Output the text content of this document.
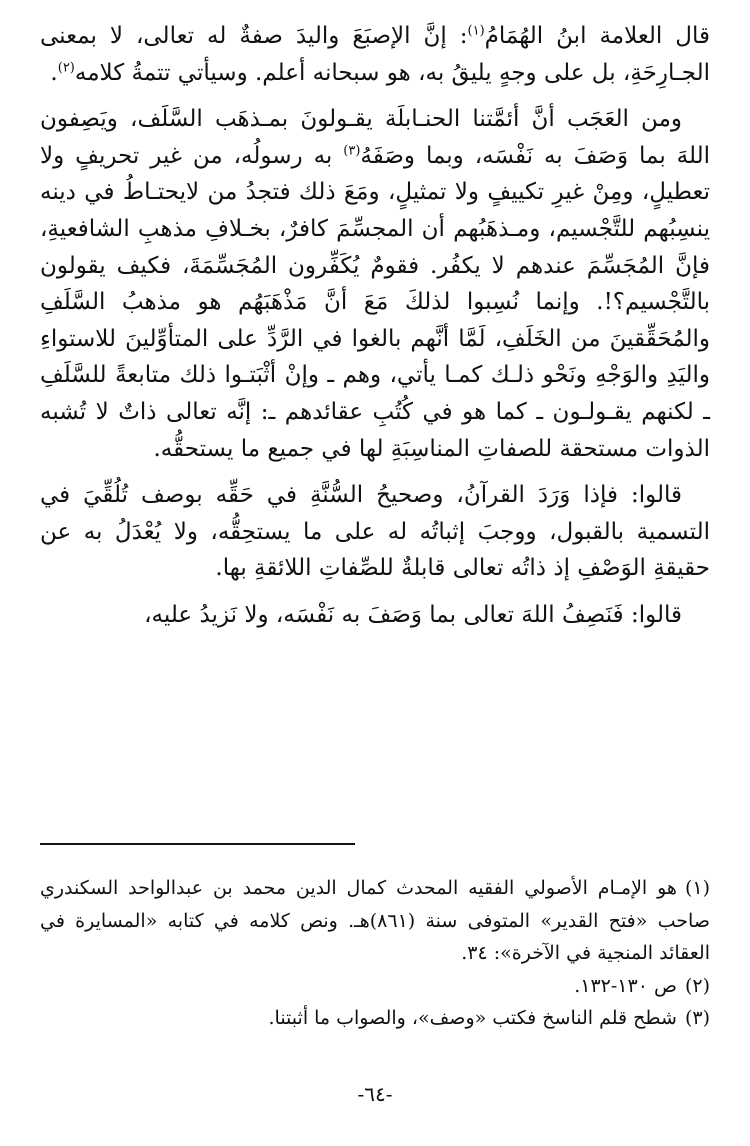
قال العلامة ابنُ الهُمَامُ$^{(١)}$: إنَّ الإصبَعَ واليدَ صفةٌ له تعالى، لا بمعنى الجـارِحَةِ، بل على وجهٍ يليقُ به، هو سبحانه أعلم. وسيأتي تتمةُ كلامه$^{(٢)}$.

ومن العَجَب أنَّ أئمَّتنا الحنـابلَة يقـولونَ بمـذهَب السَّلَف، ويَصِفون اللهَ بما وَصَفَ به نَفْسَه، وبما وصَفَهُ$^{(٣)}$ به رسولُه، من غير تحريفٍ ولا تعطيلٍ، ومِنْ غيرِ تكييفٍ ولا تمثيلٍ، ومَعَ ذلك فتجدُ من لايحتـاطُ في دينه ينسِبُهم للتَّجْسيم، ومـذهَبُهم أن المجسِّمَ كافرٌ، بخـلافِ مذهبِ الشافعيةِ، فإنَّ المُجَسِّمَ عندهم لا يكفُر. فقومٌ يُكَفِّرون المُجَسِّمَةَ، فكيف يقولون بالتَّجْسيم؟!. وإنما نُسِبوا لذلكَ مَعَ أنَّ مَذْهَبَهُم هو مذهبُ السَّلَفِ والمُحَقِّقينَ من الخَلَفِ، لَمَّا أنَّهم بالغوا في الرَّدِّ على المتأوِّلينَ للاستواءِ واليَدِ والوَجْهِ ونَحْو ذلـك كمـا يأتي، وهم ـ وإنْ أثْبَتـوا ذلك متابعةً للسَّلَفِ ـ لكنهم يقـولـون ـ كما هو في كُتُبِ عقائدهم ـ: إنَّه تعالى ذاتٌ لا تُشبه الذوات مستحقة للصفاتِ المناسِبَةِ لها في جميع ما يستحقُّه.

قالوا: فإذا وَرَدَ القرآنُ، وصحيحُ السُّنَّةِ في حَقِّه بوصف تُلُقِّيَ في التسمية بالقبول، ووجبَ إثباتُه له على ما يستحِقُّه، ولا يُعْدَلُ به عن حقيقةِ الوَصْفِ إذ ذاتُه تعالى قابلةٌ للصِّفاتِ اللائقةِ بها.

قالوا: فَنَصِفُ اللهَ تعالى بما وَصَفَ به نَفْسَه، ولا نَزيدُ عليه،

(١)هو الإمـام الأصولي الفقيه المحدث كمال الدين محمد بن عبدالواحد السكندري صاحب «فتح القدير» المتوفى سنة (٨٦١)هـ. ونص كلامه في كتابه «المسايرة في العقائد المنجية في الآخرة»: ٣٤.

(٢)ص ١٣٠-١٣٢.

(٣)شطح قلم الناسخ فكتب «وصف»، والصواب ما أثبتنا.

-٦٤-
